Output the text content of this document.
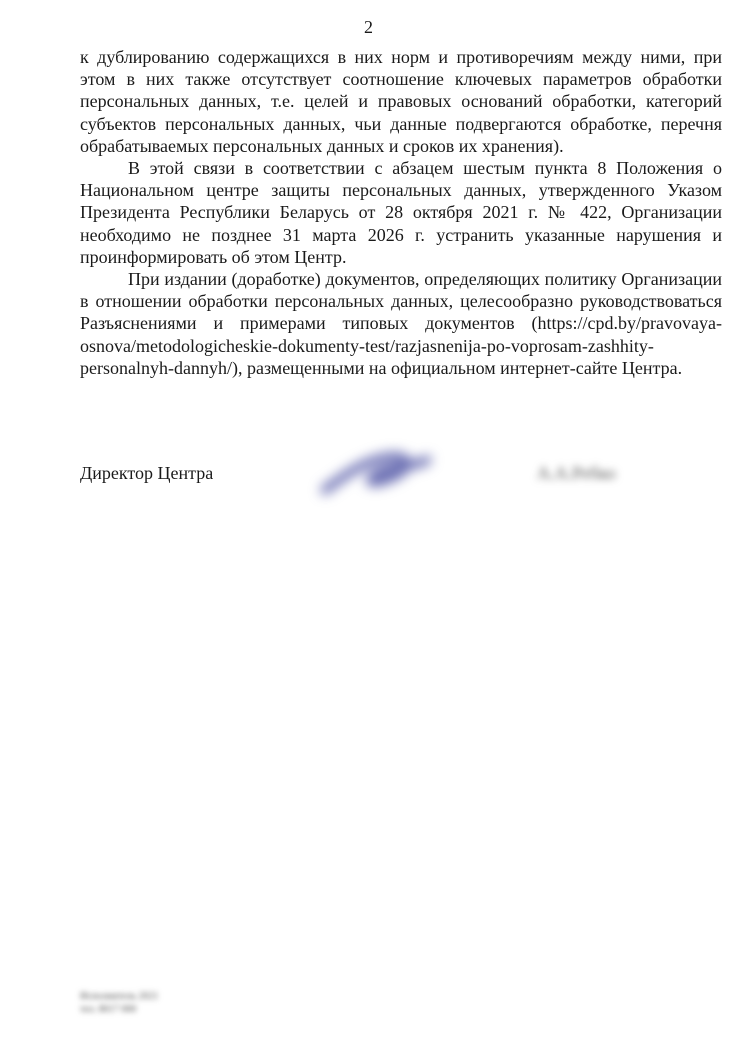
2

к дублированию содержащихся в них норм и противоречиям между ними, при этом в них также отсутствует соотношение ключевых параметров обработки персональных данных, т.е. целей и правовых оснований обработки, категорий субъектов персональных данных, чьи данные подвергаются обработке, перечня обрабатываемых персональных данных и сроков их хранения).

В этой связи в соответствии с абзацем шестым пункта 8 Положения о Национальном центре защиты персональных данных, утвержденного Указом Президента Республики Беларусь от 28 октября 2021 г. № 422, Организации необходимо не позднее 31 марта 2026 г. устранить указанные нарушения и проинформировать об этом Центр.

При издании (доработке) документов, определяющих политику Организации в отношении обработки персональных данных, целесообразно руководствоваться Разъяснениями и примерами типовых документов (https://cpd.by/pravovaya-osnova/metodologicheskie-dokumenty-test/razjasnenija-po-voprosam-zashhity-personalnyh-dannyh/), размещенными на официальном интернет-сайте Центра.

Директор Центра	А.А.Ребко
Исполнитель 2021
тел. 8017 000
